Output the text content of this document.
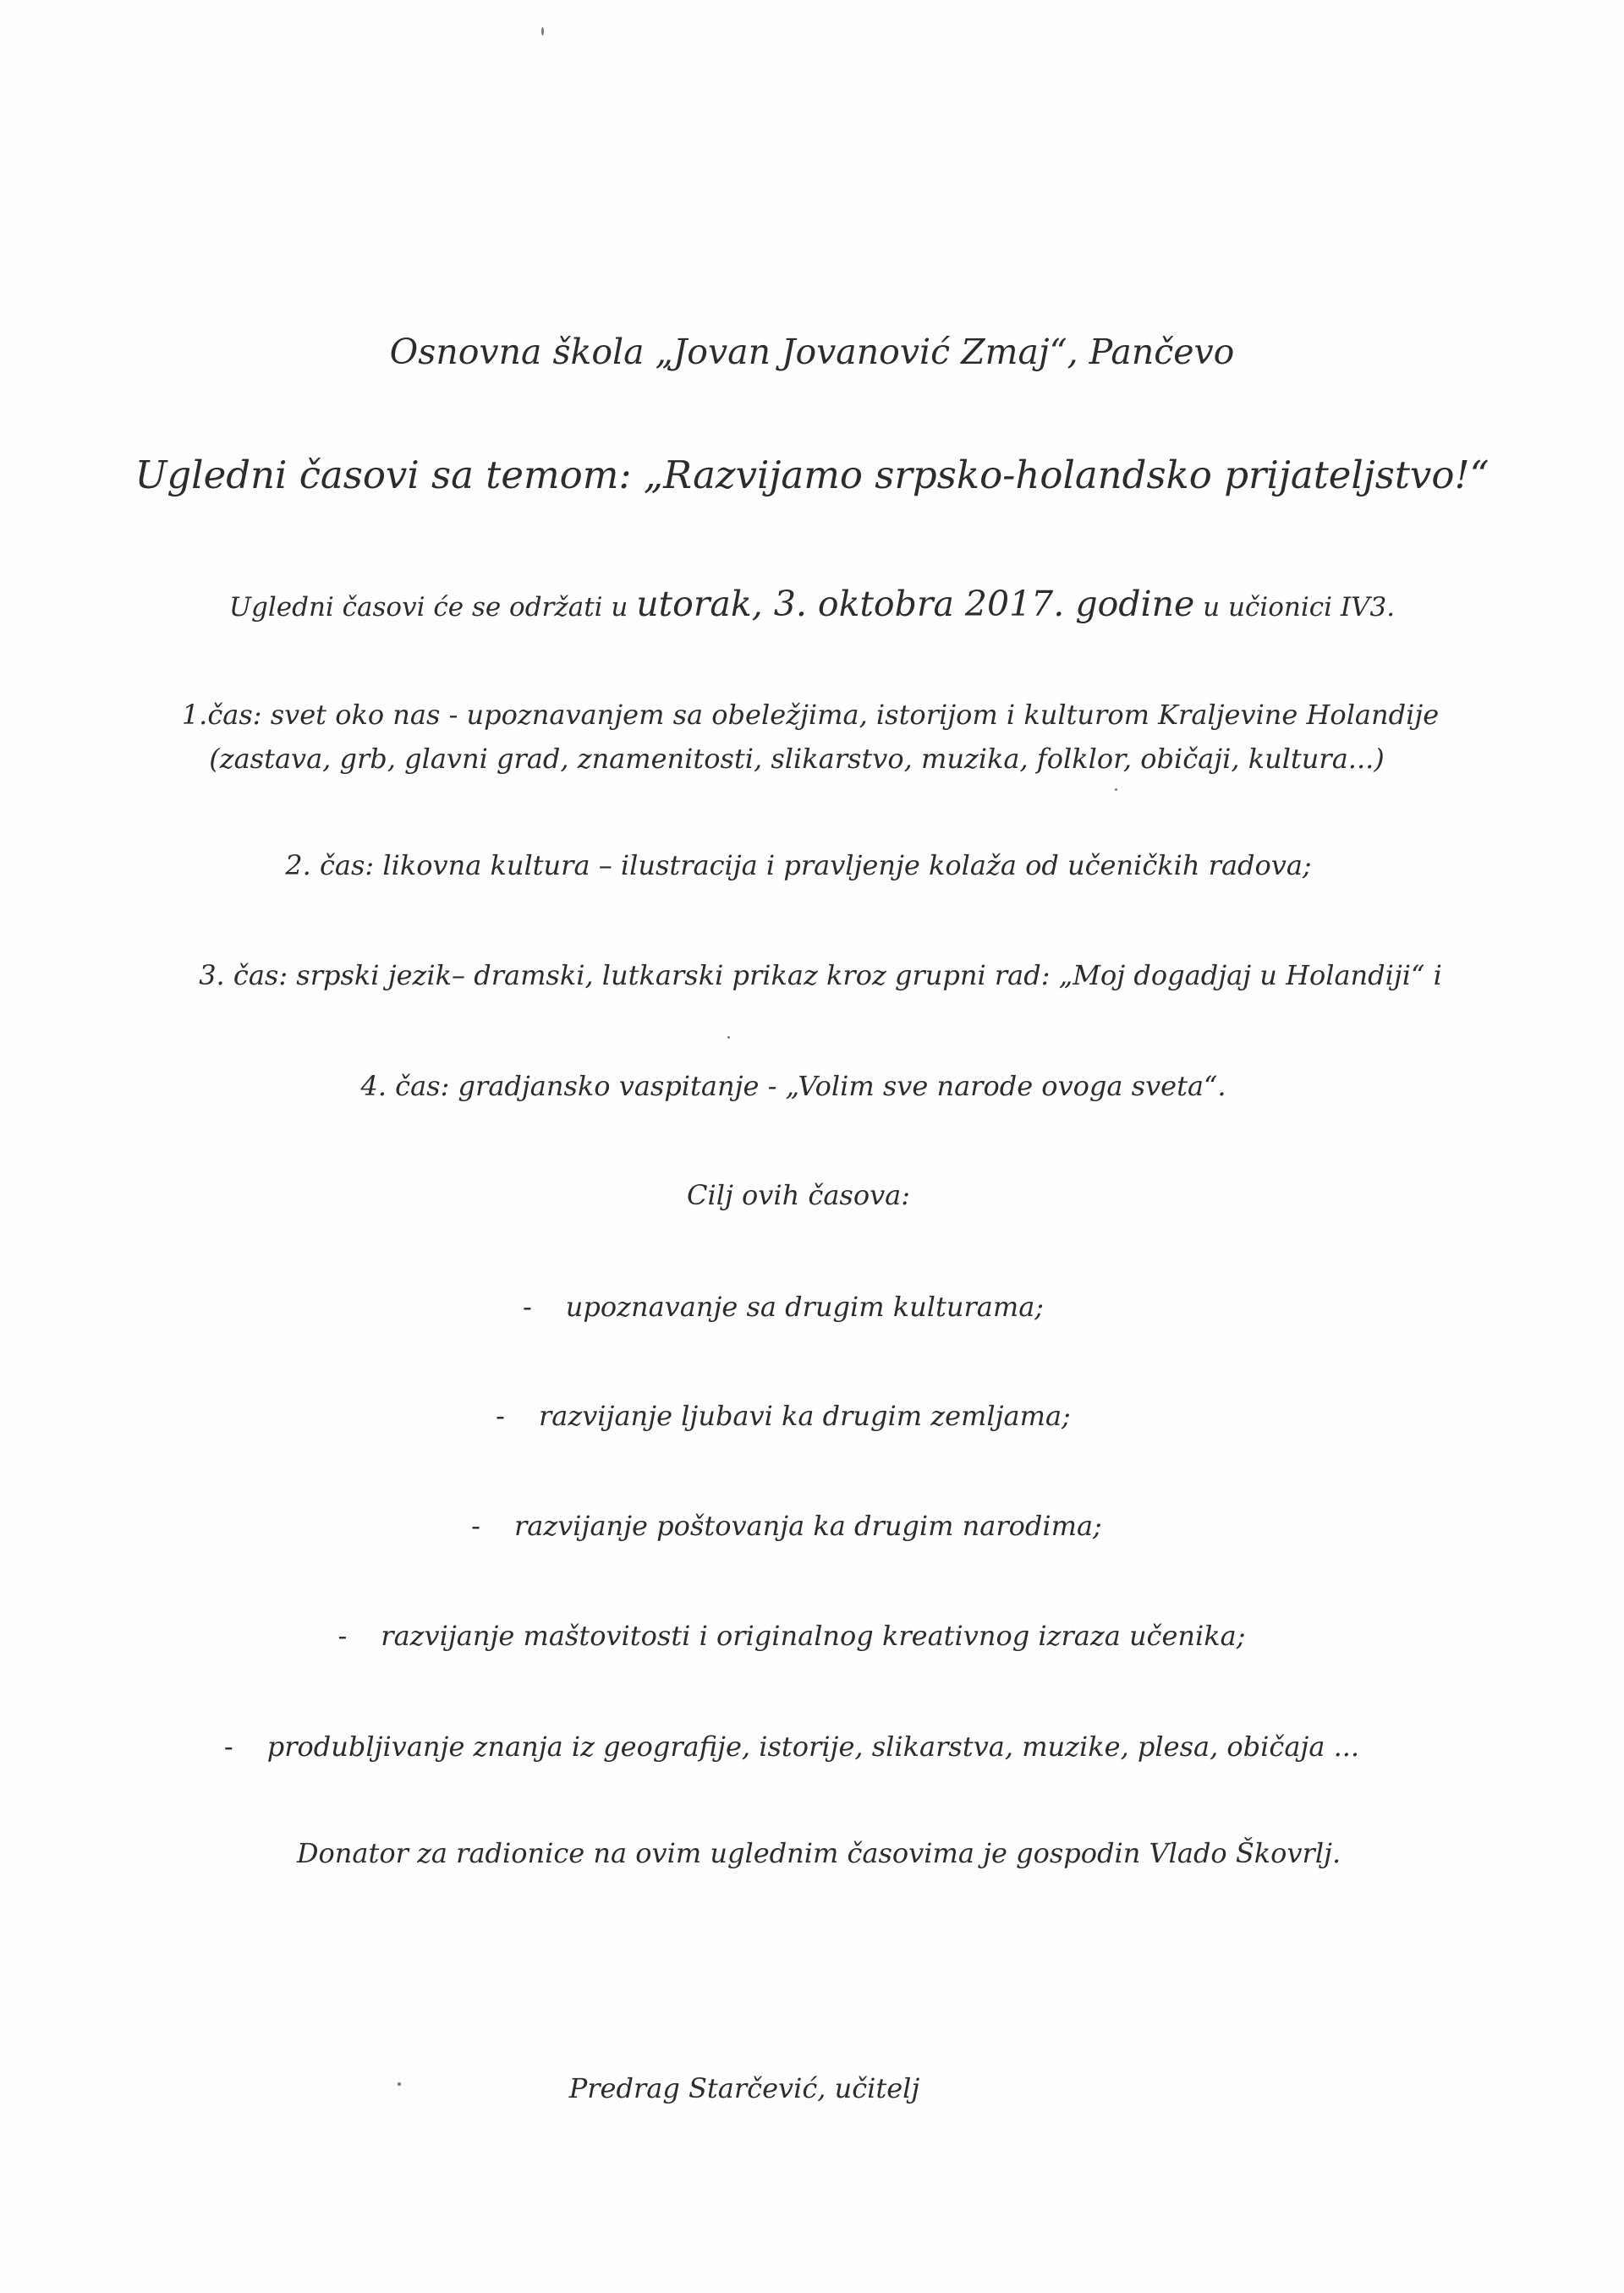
Osnovna škola „Jovan Jovanović Zmaj“, Pančevo
Ugledni časovi sa temom: „Razvijamo srpsko-holandsko prijateljstvo!“
Ugledni časovi će se održati u utorak, 3. oktobra 2017. godine u učionici IV3.
1.čas: svet oko nas - upoznavanjem sa obeležjima, istorijom i kulturom Kraljevine Holandije
(zastava, grb, glavni grad, znamenitosti, slikarstvo, muzika, folklor, običaji, kultura...)
2. čas: likovna kultura – ilustracija i pravljenje kolaža od učeničkih radova;
3. čas: srpski jezik– dramski, lutkarski prikaz kroz grupni rad: „Moj dogadjaj u Holandiji“ i
4. čas: gradjansko vaspitanje - „Volim sve narode ovoga sveta“.
Cilj ovih časova:
- upoznavanje sa drugim kulturama;
- razvijanje ljubavi ka drugim zemljama;
- razvijanje poštovanja ka drugim narodima;
- razvijanje maštovitosti i originalnog kreativnog izraza učenika;
- produbljivanje znanja iz geografije, istorije, slikarstva, muzike, plesa, običaja ...
Donator za radionice na ovim uglednim časovima je gospodin Vlado Škovrlj.
Predrag Starčević, učitelj
